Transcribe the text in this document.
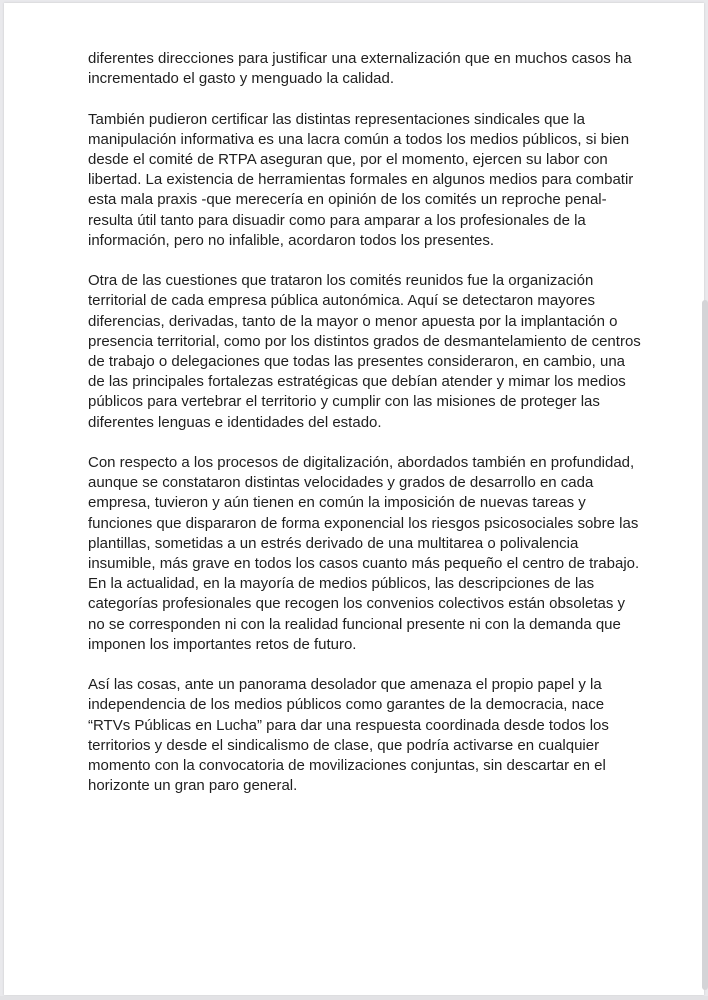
diferentes direcciones para justificar una externalización que en muchos casos ha incrementado el gasto y menguado la calidad.

También pudieron certificar las distintas representaciones sindicales que la manipulación informativa es una lacra común a todos los medios públicos, si bien desde el comité de RTPA aseguran que, por el momento, ejercen su labor con libertad. La existencia de herramientas formales en algunos medios para combatir esta mala praxis -que merecería en opinión de los comités un reproche penal- resulta útil tanto para disuadir como para amparar a los profesionales de la información, pero no infalible, acordaron todos los presentes.

Otra de las cuestiones que trataron los comités reunidos fue la organización territorial de cada empresa pública autonómica. Aquí se detectaron mayores diferencias, derivadas, tanto de la mayor o menor apuesta por la implantación o presencia territorial, como por los distintos grados de desmantelamiento de centros de trabajo o delegaciones que todas las presentes consideraron, en cambio, una de las principales fortalezas estratégicas que debían atender y mimar los medios públicos para vertebrar el territorio y cumplir con las misiones de proteger las diferentes lenguas e identidades del estado.

Con respecto a los procesos de digitalización, abordados también en profundidad, aunque se constataron distintas velocidades y grados de desarrollo en cada empresa, tuvieron y aún tienen en común la imposición de nuevas tareas y funciones que dispararon de forma exponencial los riesgos psicosociales sobre las plantillas, sometidas a un estrés derivado de una multitarea o polivalencia insumible, más grave en todos los casos cuanto más pequeño el centro de trabajo. En la actualidad, en la mayoría de medios públicos, las descripciones de las categorías profesionales que recogen los convenios colectivos están obsoletas y no se corresponden ni con la realidad funcional presente ni con la demanda que imponen los importantes retos de futuro.

Así las cosas, ante un panorama desolador que amenaza el propio papel y la independencia de los medios públicos como garantes de la democracia, nace “RTVs Públicas en Lucha” para dar una respuesta coordinada desde todos los territorios y desde el sindicalismo de clase, que podría activarse en cualquier momento con la convocatoria de movilizaciones conjuntas, sin descartar en el horizonte un gran paro general.
